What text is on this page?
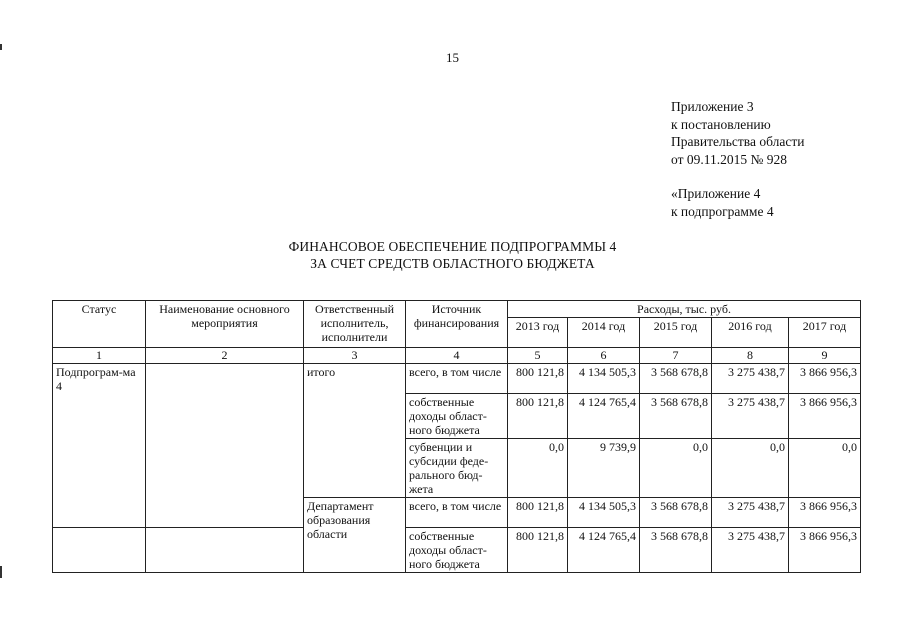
15
Приложение 3
к постановлению
Правительства области
от 09.11.2015 № 928
«Приложение 4
к подпрограмме 4
ФИНАНСОВОЕ ОБЕСПЕЧЕНИЕ ПОДПРОГРАММЫ 4
ЗА СЧЕТ СРЕДСТВ ОБЛАСТНОГО БЮДЖЕТА
Статус	Наименование основного мероприятия	Ответственный исполнитель, исполнители	Источник финансирования	Расходы, тыс. руб.				
				2013 год	2014 год	2015 год	2016 год	2017 год
1	2	3	4	5	6	7	8	9
Подпрограм-ма 4		итого	всего, в том числе	800 121,8	4 134 505,3	3 568 678,8	3 275 438,7	3 866 956,3
			собственные доходы област-ного бюджета	800 121,8	4 124 765,4	3 568 678,8	3 275 438,7	3 866 956,3
			субвенции и субсидии феде-рального бюд-жета	0,0	9 739,9	0,0	0,0	0,0
		Департамент образования области	всего, в том числе	800 121,8	4 134 505,3	3 568 678,8	3 275 438,7	3 866 956,3
			собственные доходы област-ного бюджета	800 121,8	4 124 765,4	3 568 678,8	3 275 438,7	3 866 956,3
